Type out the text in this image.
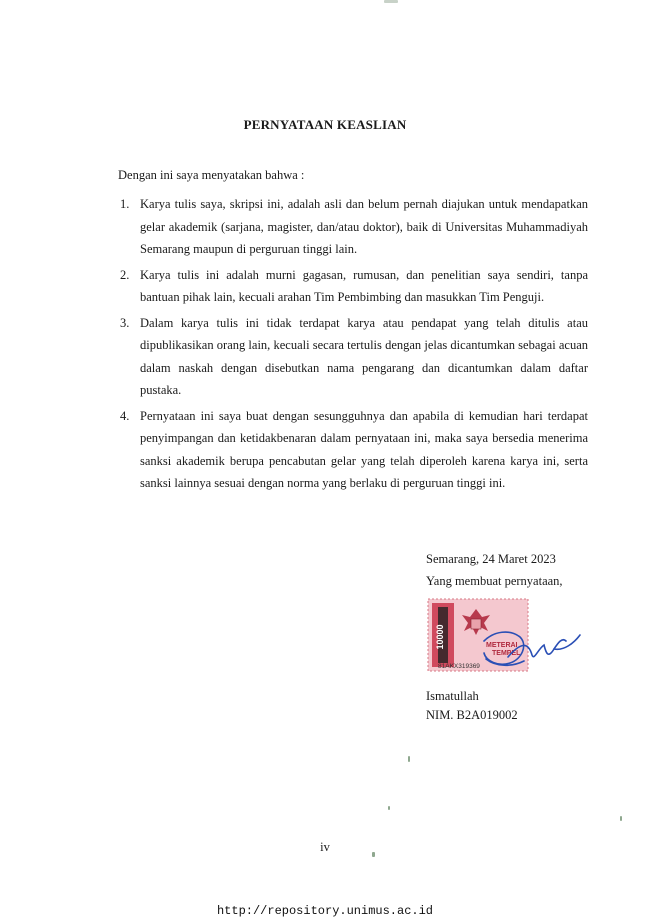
PERNYATAAN KEASLIAN
Dengan ini saya menyatakan bahwa :
1. Karya tulis saya, skripsi ini, adalah asli dan belum pernah diajukan untuk mendapatkan gelar akademik (sarjana, magister, dan/atau doktor), baik di Universitas Muhammadiyah Semarang maupun di perguruan tinggi lain.
2. Karya tulis ini adalah murni gagasan, rumusan, dan penelitian saya sendiri, tanpa bantuan pihak lain, kecuali arahan Tim Pembimbing dan masukkan Tim Penguji.
3. Dalam karya tulis ini tidak terdapat karya atau pendapat yang telah ditulis atau dipublikasikan orang lain, kecuali secara tertulis dengan jelas dicantumkan sebagai acuan dalam naskah dengan disebutkan nama pengarang dan dicantumkan dalam daftar pustaka.
4. Pernyataan ini saya buat dengan sesungguhnya dan apabila di kemudian hari terdapat penyimpangan dan ketidakbenaran dalam pernyataan ini, maka saya bersedia menerima sanksi akademik berupa pencabutan gelar yang telah diperoleh karena karya ini, serta sanksi lainnya sesuai dengan norma yang berlaku di perguruan tinggi ini.
Semarang, 24 Maret 2023
Yang membuat pernyataan,
10000	METERAI
TEMPEL
81AKX319369
Ismatullah
NIM. B2A019002
iv
http://repository.unimus.ac.id
